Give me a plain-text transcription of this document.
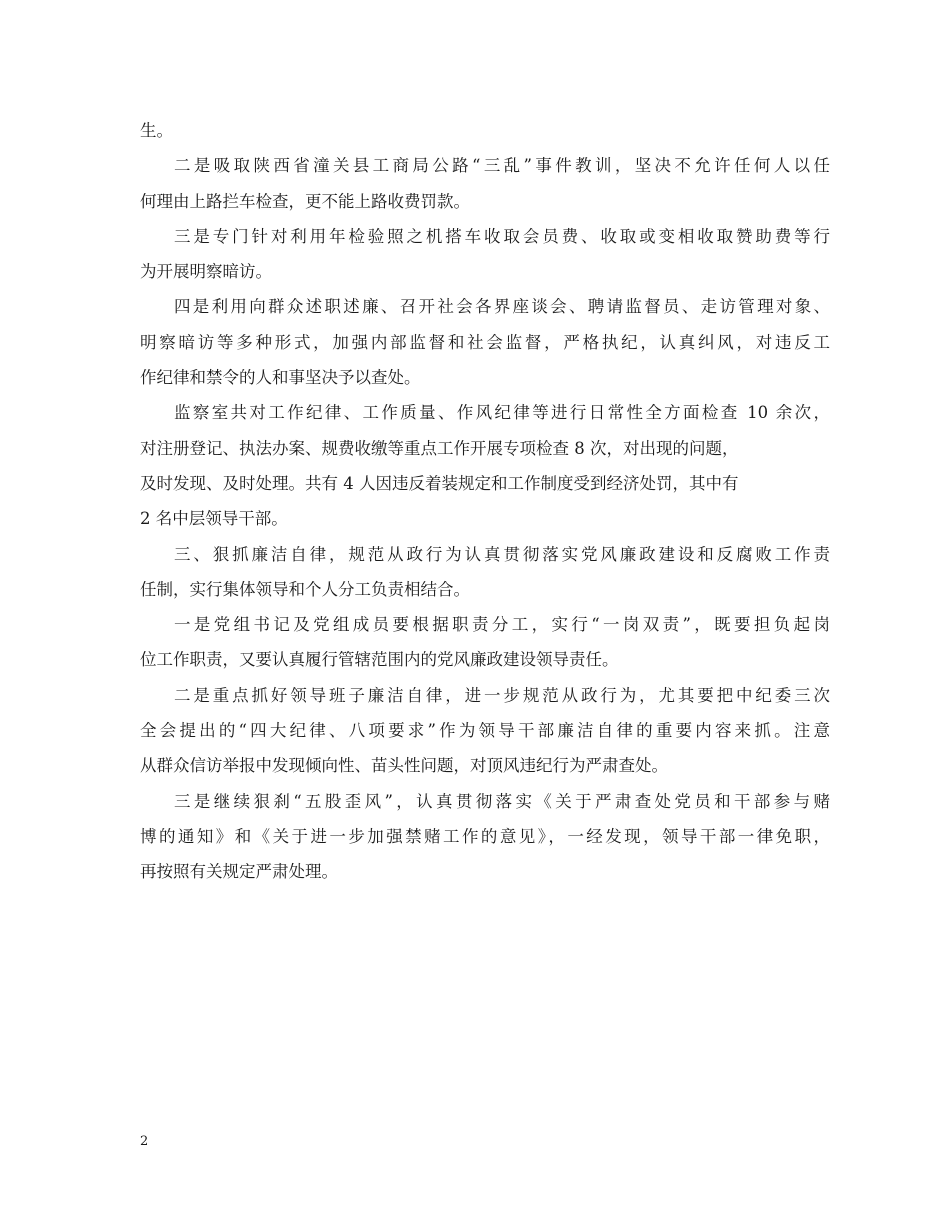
生。
二是吸取陕西省潼关县工商局公路“三乱”事件教训，坚决不允许任何人以任
何理由上路拦车检查，更不能上路收费罚款。
三是专门针对利用年检验照之机搭车收取会员费、收取或变相收取赞助费等行
为开展明察暗访。
四是利用向群众述职述廉、召开社会各界座谈会、聘请监督员、走访管理对象、
明察暗访等多种形式，加强内部监督和社会监督，严格执纪，认真纠风，对违反工
作纪律和禁令的人和事坚决予以查处。
监察室共对工作纪律、工作质量、作风纪律等进行日常性全方面检查 10 余次，
对注册登记、执法办案、规费收缴等重点工作开展专项检查 8 次，对出现的问题，
及时发现、及时处理。共有 4 人因违反着装规定和工作制度受到经济处罚，其中有
2 名中层领导干部。
三、狠抓廉洁自律，规范从政行为认真贯彻落实党风廉政建设和反腐败工作责
任制，实行集体领导和个人分工负责相结合。
一是党组书记及党组成员要根据职责分工，实行“一岗双责”，既要担负起岗
位工作职责，又要认真履行管辖范围内的党风廉政建设领导责任。
二是重点抓好领导班子廉洁自律，进一步规范从政行为，尤其要把中纪委三次
全会提出的“四大纪律、八项要求”作为领导干部廉洁自律的重要内容来抓。注意
从群众信访举报中发现倾向性、苗头性问题，对顶风违纪行为严肃查处。
三是继续狠刹“五股歪风”，认真贯彻落实《关于严肃查处党员和干部参与赌
博的通知》和《关于进一步加强禁赌工作的意见》，一经发现，领导干部一律免职，
再按照有关规定严肃处理。
2
